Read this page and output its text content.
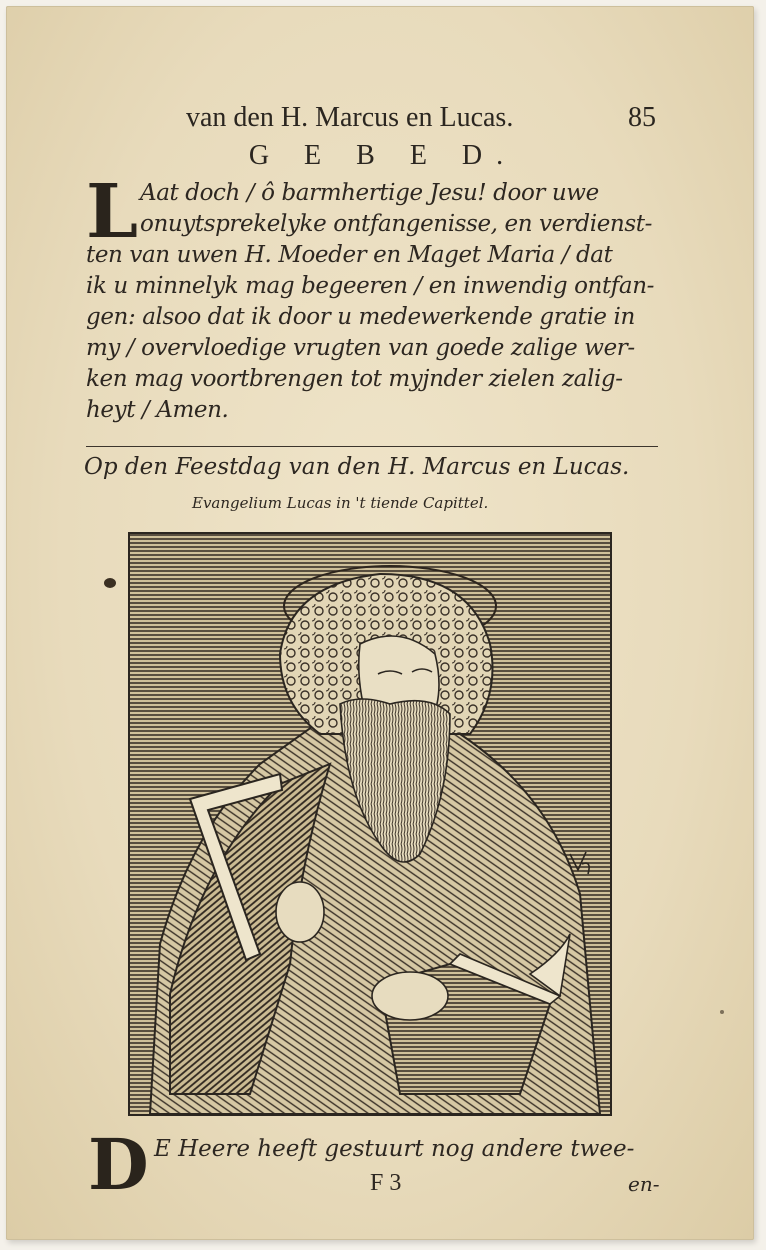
van den H. Marcus en Lucas.	85
G E B E D.
L Aat doch / ô barmhertige Jesu! door uwe
onuytsprekelyke ontfangenisse, en verdienst-
ten van uwen H. Moeder en Maget Maria / dat
ik u minnelyk mag begeeren / en inwendig ontfan-
gen: alsoo dat ik door u medewerkende gratie in
my / overvloedige vrugten van goede zalige wer-
ken mag voortbrengen tot myjnder zielen zalig-
heyt / Amen.
Op den Feestdag van den H. Marcus en Lucas.
Evangelium Lucas in 't tiende Capittel.
D E Heere heeft gestuurt nog andere twee-
F 3	en-
